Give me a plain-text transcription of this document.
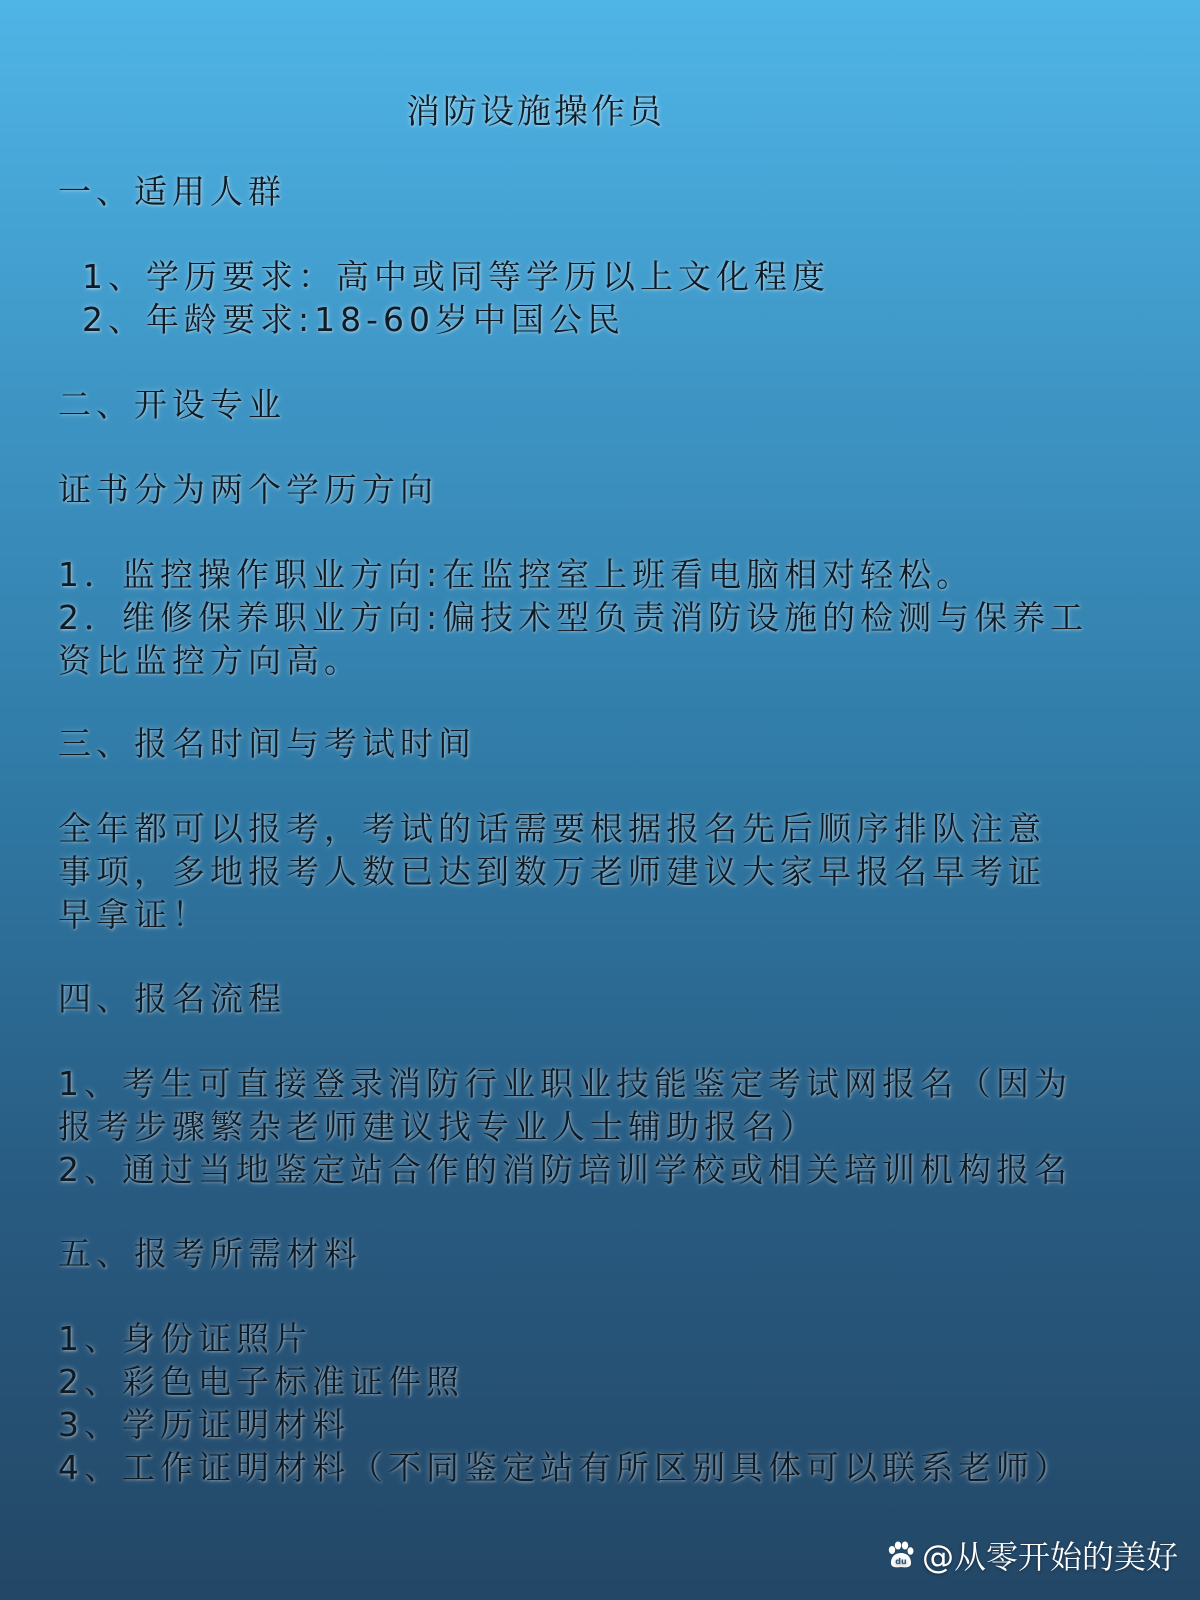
消防设施操作员
一、适用人群
1、学历要求：高中或同等学历以上文化程度
2、年龄要求:18-60岁中国公民
二、开设专业
证书分为两个学历方向
1．监控操作职业方向:在监控室上班看电脑相对轻松。
2．维修保养职业方向:偏技术型负责消防设施的检测与保养工
资比监控方向高。
三、报名时间与考试时间
全年都可以报考，考试的话需要根据报名先后顺序排队注意
事项，多地报考人数已达到数万老师建议大家早报名早考证
早拿证！
四、报名流程
1、考生可直接登录消防行业职业技能鉴定考试网报名（因为
报考步骤繁杂老师建议找专业人士辅助报名）
2、通过当地鉴定站合作的消防培训学校或相关培训机构报名
五、报考所需材料
1、身份证照片
2、彩色电子标准证件照
3、学历证明材料
4、工作证明材料（不同鉴定站有所区别具体可以联系老师）
du @从零开始的美好
